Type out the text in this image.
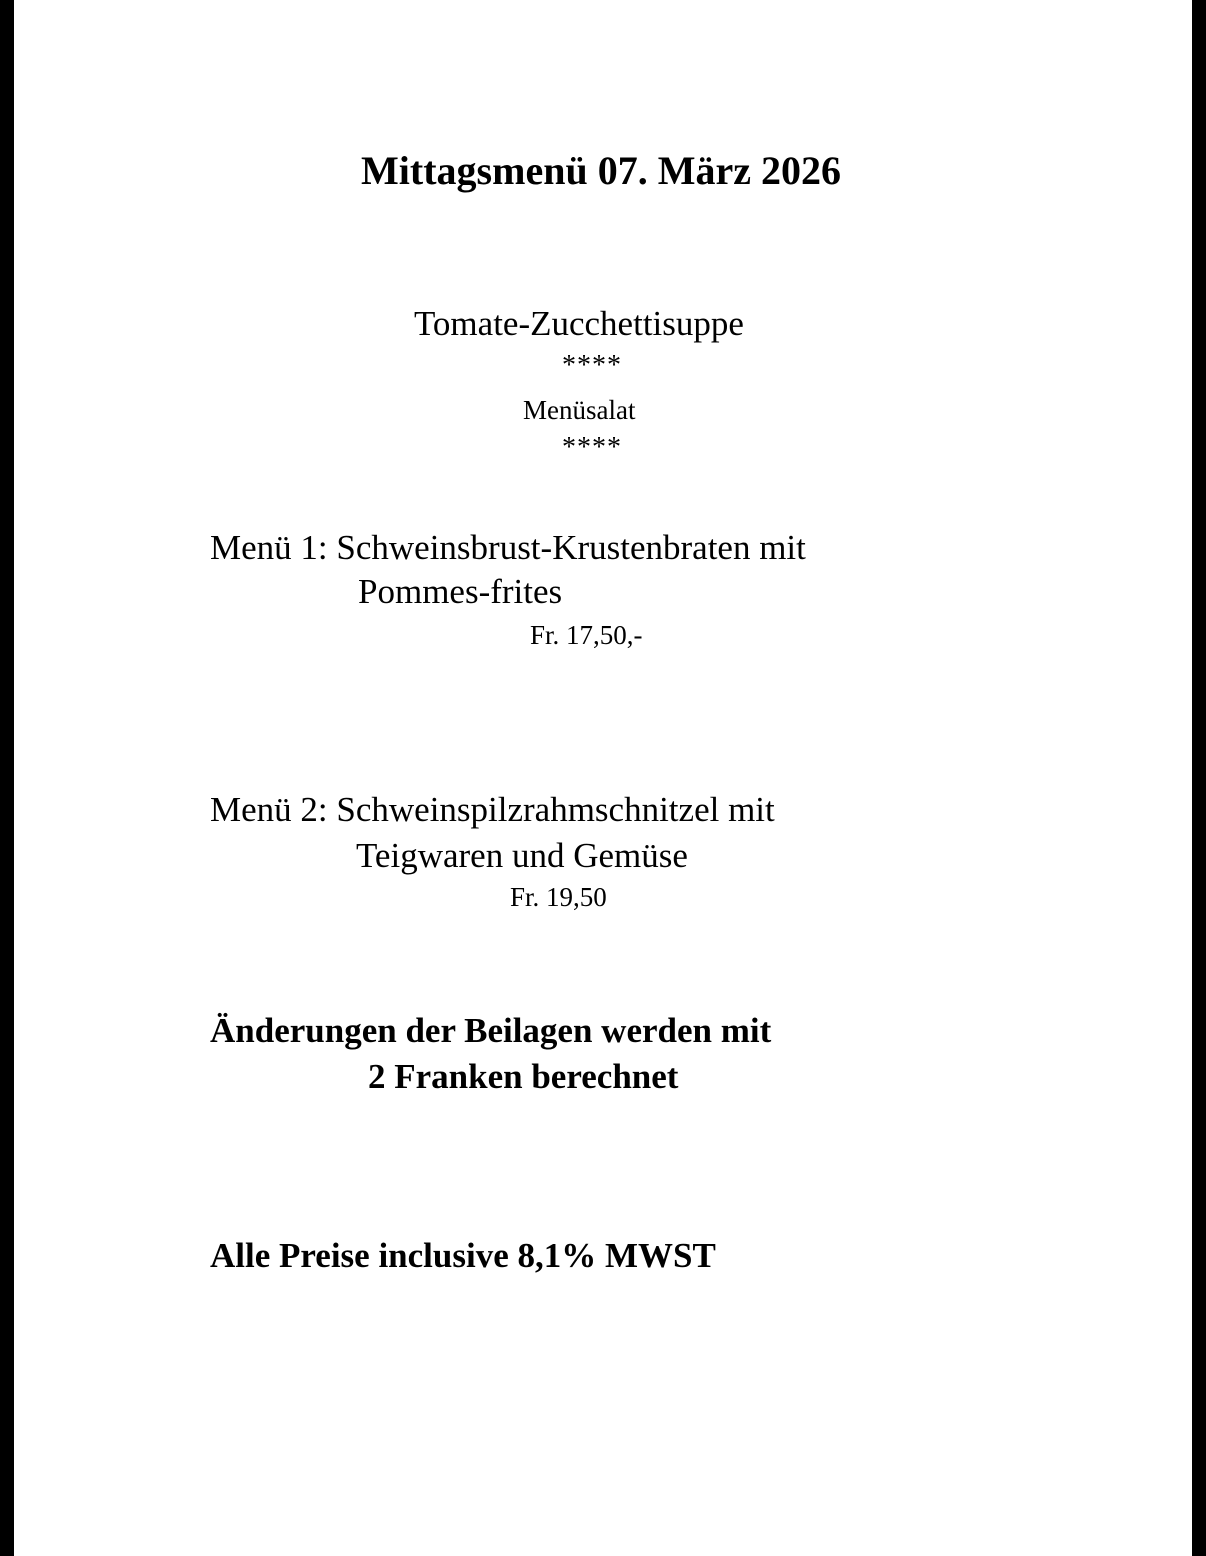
Mittagsmenü 07. März 2026
Tomate-Zucchettisuppe
****
Menüsalat
****
Menü 1: Schweinsbrust-Krustenbraten mit
Pommes-frites
Fr. 17,50,-
Menü 2: Schweinspilzrahmschnitzel mit
Teigwaren und Gemüse
Fr. 19,50
Änderungen der Beilagen werden mit
2 Franken berechnet
Alle Preise inclusive 8,1% MWST
